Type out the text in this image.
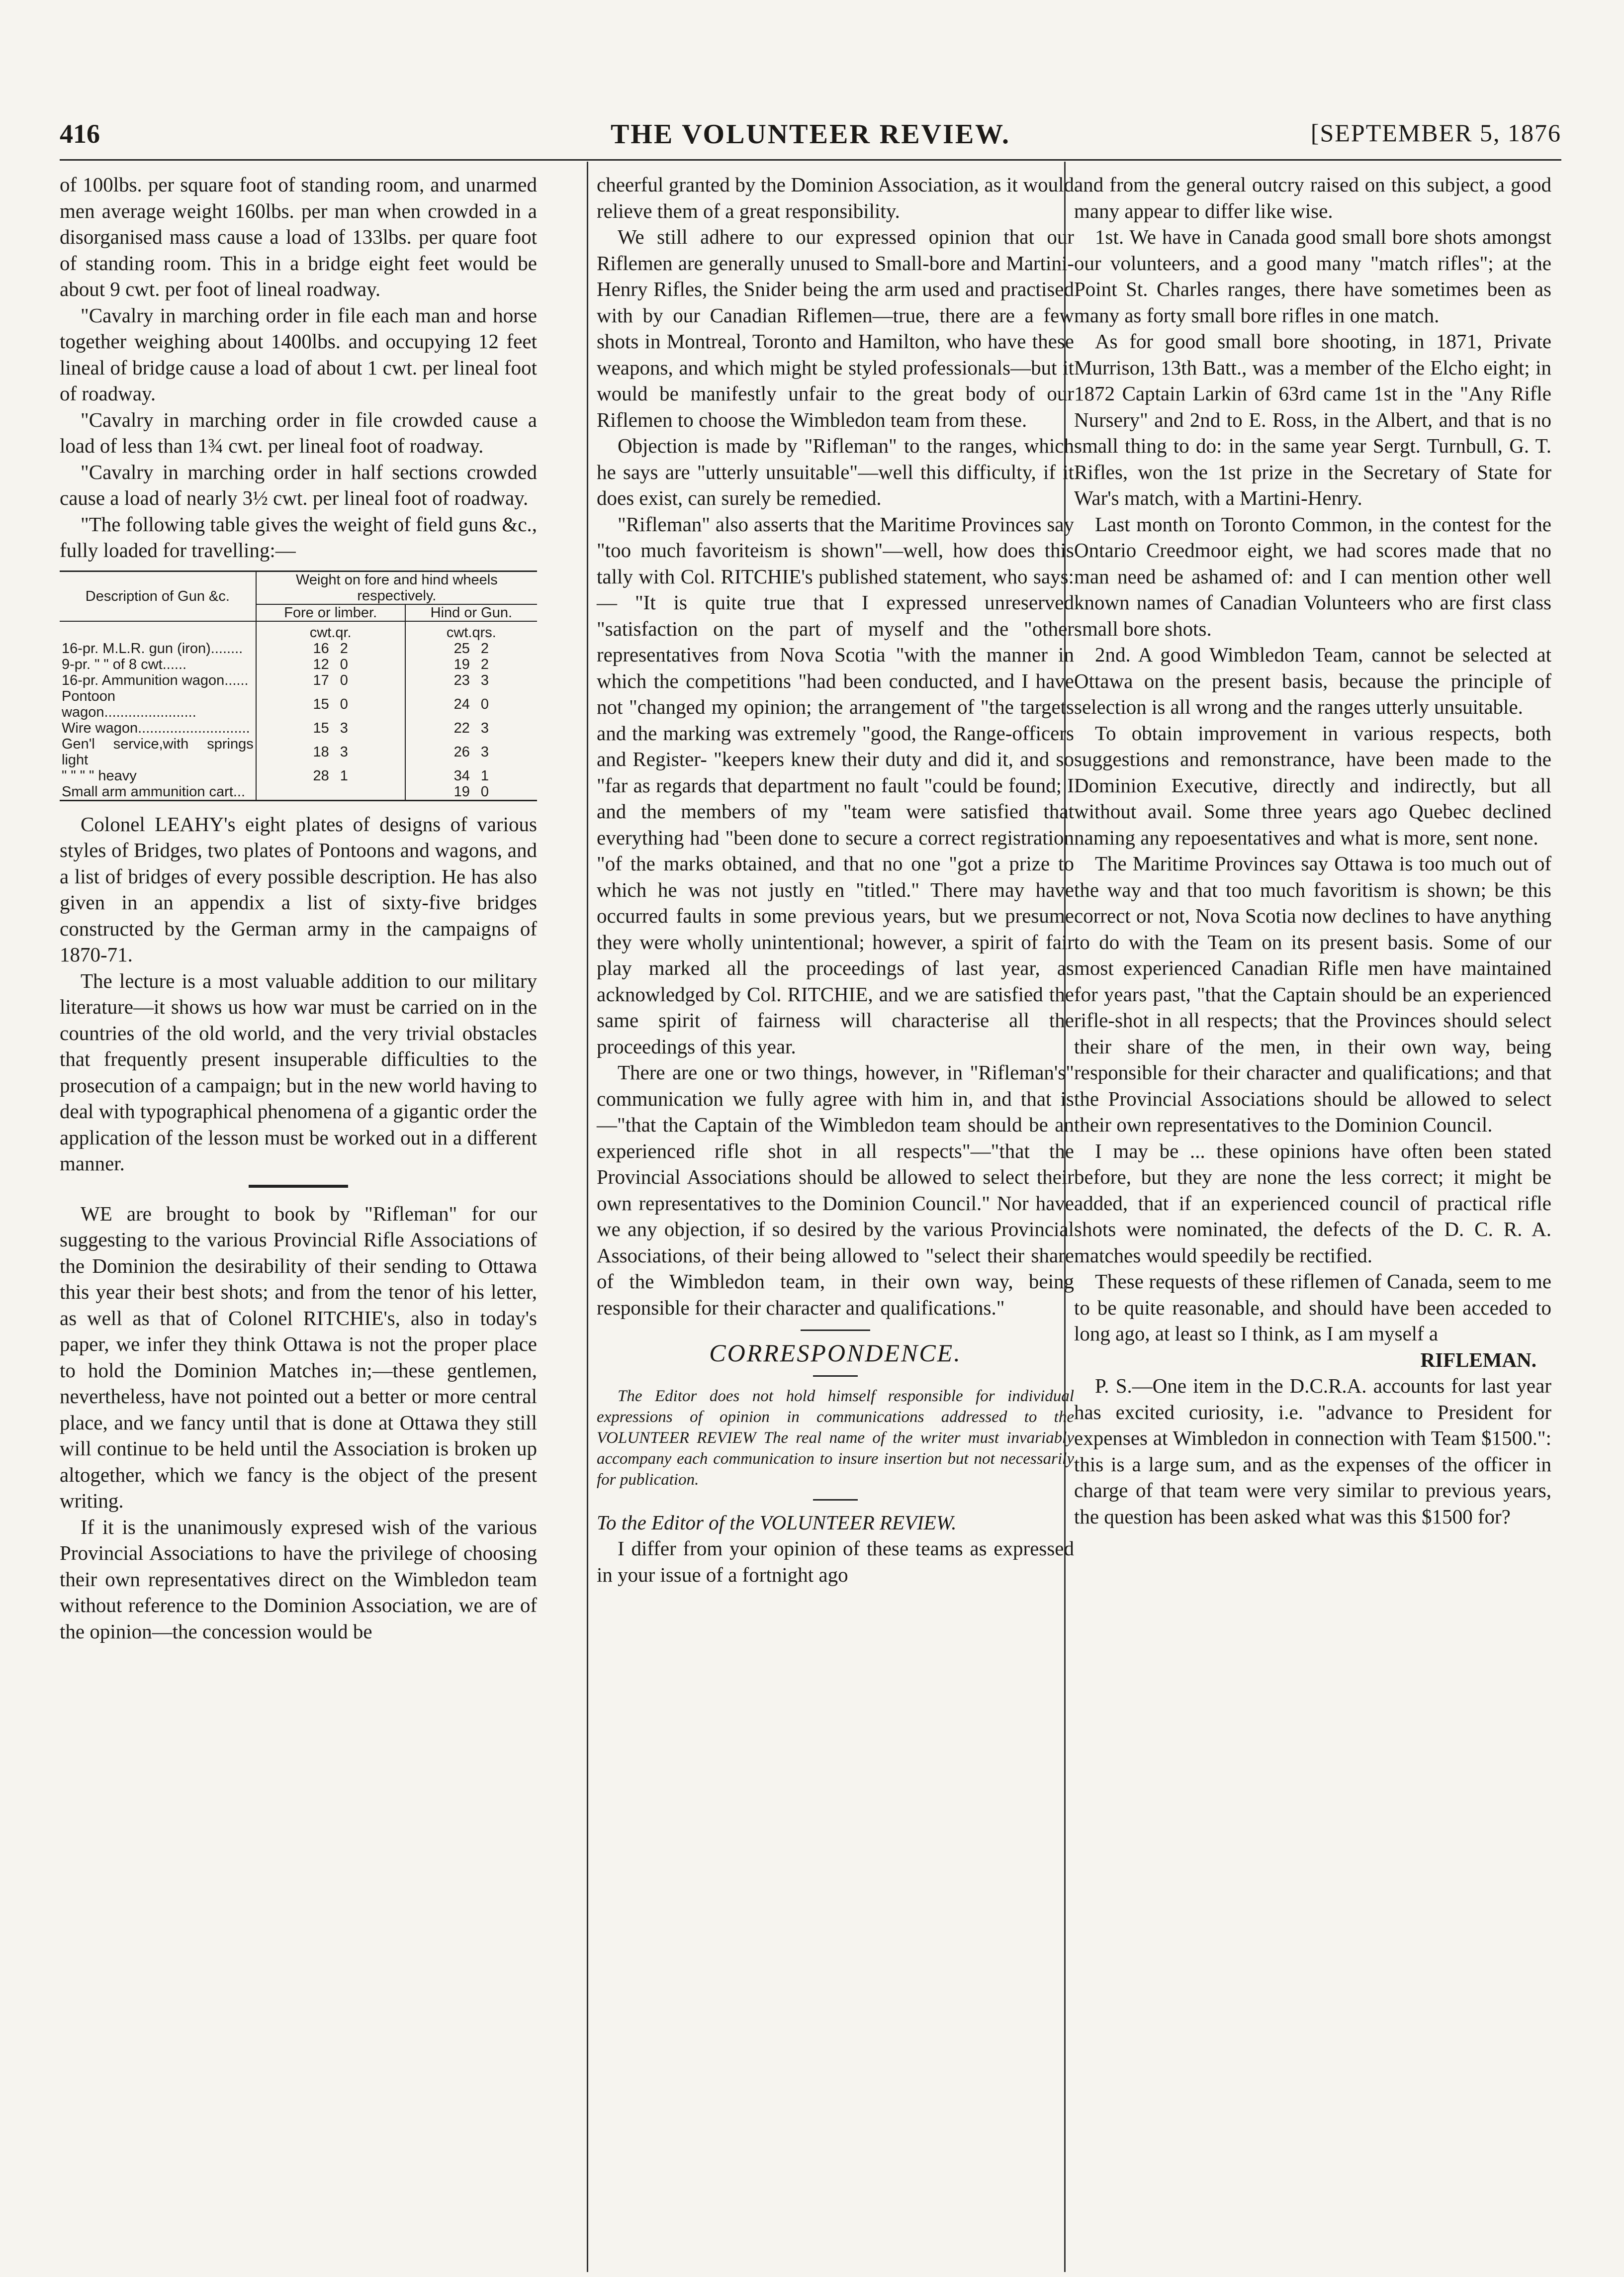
416	THE VOLUNTEER REVIEW.	[SEPTEMBER 5, 1876

of 100lbs. per square foot of standing room, and unarmed men average weight 160lbs. per man when crowded in a disorganised mass cause a load of 133lbs. per quare foot of standing room. This in a bridge eight feet would be about 9 cwt. per foot of lineal roadway.

"Cavalry in marching order in file each man and horse together weighing about 1400lbs. and occupying 12 feet lineal of bridge cause a load of about 1 cwt. per lineal foot of roadway.

"Cavalry in marching order in file crowded cause a load of less than 1¾ cwt. per lineal foot of roadway.

"Cavalry in marching order in half sections crowded cause a load of nearly 3½ cwt. per lineal foot of roadway.

"The following table gives the weight of field guns &c., fully loaded for travelling:—

Description of Gun &c.	Weight on fore and hind wheels respectively.	
	Fore or limber.	Hind or Gun.
	cwt.qr.	cwt.qrs.
16-pr. M.L.R. gun (iron)........	16 2	25 2
9-pr. " " of 8 cwt......	12 0	19 2
16-pr. Ammunition wagon......	17 0	23 3
Pontoon wagon.......................	15 0	24 0
Wire wagon............................	15 3	22 3
Gen'l service,with springs light	18 3	26 3
" " " " heavy	28 1	34 1
Small arm ammunition cart...		19 0

Colonel LEAHY's eight plates of designs of various styles of Bridges, two plates of Pontoons and wagons, and a list of bridges of every possible description. He has also given in an appendix a list of sixty-five bridges constructed by the German army in the campaigns of 1870-71.

The lecture is a most valuable addition to our military literature—it shows us how war must be carried on in the countries of the old world, and the very trivial obstacles that frequently present insuperable difficulties to the prosecution of a campaign; but in the new world having to deal with typographical phenomena of a gigantic order the application of the lesson must be worked out in a different manner.

WE are brought to book by "Rifleman" for our suggesting to the various Provincial Rifle Associations of the Dominion the desirability of their sending to Ottawa this year their best shots; and from the tenor of his letter, as well as that of Colonel RITCHIE's, also in today's paper, we infer they think Ottawa is not the proper place to hold the Dominion Matches in;—these gentlemen, nevertheless, have not pointed out a better or more central place, and we fancy until that is done at Ottawa they still will continue to be held until the Association is broken up altogether, which we fancy is the object of the present writing.

If it is the unanimously expresed wish of the various Provincial Associations to have the privilege of choosing their own representatives direct on the Wimbledon team without reference to the Dominion Association, we are of the opinion—the concession would be

cheerful granted by the Dominion Association, as it would relieve them of a great responsibility.

We still adhere to our expressed opinion that our Riflemen are generally unused to Small-bore and Martini-Henry Rifles, the Snider being the arm used and practised with by our Canadian Riflemen—true, there are a few shots in Montreal, Toronto and Hamilton, who have these weapons, and which might be styled professionals—but it would be manifestly unfair to the great body of our Riflemen to choose the Wimbledon team from these.

Objection is made by "Rifleman" to the ranges, which he says are "utterly unsuitable"—well this difficulty, if it does exist, can surely be remedied.

"Rifleman" also asserts that the Maritime Provinces say "too much favoriteism is shown"—well, how does this tally with Col. RITCHIE's published statement, who says:— "It is quite true that I expressed unreserved "satisfaction on the part of myself and the "other representatives from Nova Scotia "with the manner in which the competitions "had been conducted, and I have not "changed my opinion; the arrangement of "the targets and the marking was extremely "good, the Range-officers and Register- "keepers knew their duty and did it, and so "far as regards that department no fault "could be found; I and the members of my "team were satisfied that everything had "been done to secure a correct registration "of the marks obtained, and that no one "got a prize to which he was not justly en "titled." There may have occurred faults in some previous years, but we presume they were wholly unintentional; however, a spirit of fair play marked all the proceedings of last year, as acknowledged by Col. RITCHIE, and we are satisfied the same spirit of fairness will characterise all the proceedings of this year.

There are one or two things, however, in "Rifleman's" communication we fully agree with him in, and that is—"that the Captain of the Wimbledon team should be an experienced rifle shot in all respects"—"that the Provincial Associations should be allowed to select their own representatives to the Dominion Council." Nor have we any objection, if so desired by the various Provincial Associations, of their being allowed to "select their share of the Wimbledon team, in their own way, being responsible for their character and qualifications."

CORRESPONDENCE.

The Editor does not hold himself responsible for individual expressions of opinion in communications addressed to the VOLUNTEER REVIEW The real name of the writer must invariably accompany each communication to insure insertion but not necessarily for publication.

To the Editor of the VOLUNTEER REVIEW.

I differ from your opinion of these teams as expressed in your issue of a fortnight ago

and from the general outcry raised on this subject, a good many appear to differ like wise.

1st. We have in Canada good small bore shots amongst our volunteers, and a good many "match rifles"; at the Point St. Charles ranges, there have sometimes been as many as forty small bore rifles in one match.

As for good small bore shooting, in 1871, Private Murrison, 13th Batt., was a member of the Elcho eight; in 1872 Captain Larkin of 63rd came 1st in the "Any Rifle Nursery" and 2nd to E. Ross, in the Albert, and that is no small thing to do: in the same year Sergt. Turnbull, G. T. Rifles, won the 1st prize in the Secretary of State for War's match, with a Martini-Henry.

Last month on Toronto Common, in the contest for the Ontario Creedmoor eight, we had scores made that no man need be ashamed of: and I can mention other well known names of Canadian Volunteers who are first class small bore shots.

2nd. A good Wimbledon Team, cannot be selected at Ottawa on the present basis, because the principle of selection is all wrong and the ranges utterly unsuitable.

To obtain improvement in various respects, both suggestions and remonstrance, have been made to the Dominion Executive, directly and indirectly, but all without avail. Some three years ago Quebec declined naming any repoesentatives and what is more, sent none.

The Maritime Provinces say Ottawa is too much out of the way and that too much favoritism is shown; be this correct or not, Nova Scotia now declines to have anything to do with the Team on its present basis. Some of our most experienced Canadian Rifle men have maintained for years past, "that the Captain should be an experienced rifle-shot in all respects; that the Provinces should select their share of the men, in their own way, being responsible for their character and qualifications; and that the Provincial Associations should be allowed to select their own representatives to the Dominion Council.

I may be ... these opinions have often been stated before, but they are none the less correct; it might be added, that if an experienced council of practical rifle shots were nominated, the defects of the D. C. R. A. matches would speedily be rectified.

These requests of these riflemen of Canada, seem to me to be quite reasonable, and should have been acceded to long ago, at least so I think, as I am myself a

RIFLEMAN.

P. S.—One item in the D.C.R.A. accounts for last year has excited curiosity, i.e. "advance to President for expenses at Wimbledon in connection with Team $1500.": this is a large sum, and as the expenses of the officer in charge of that team were very similar to previous years, the question has been asked what was this $1500 for?
